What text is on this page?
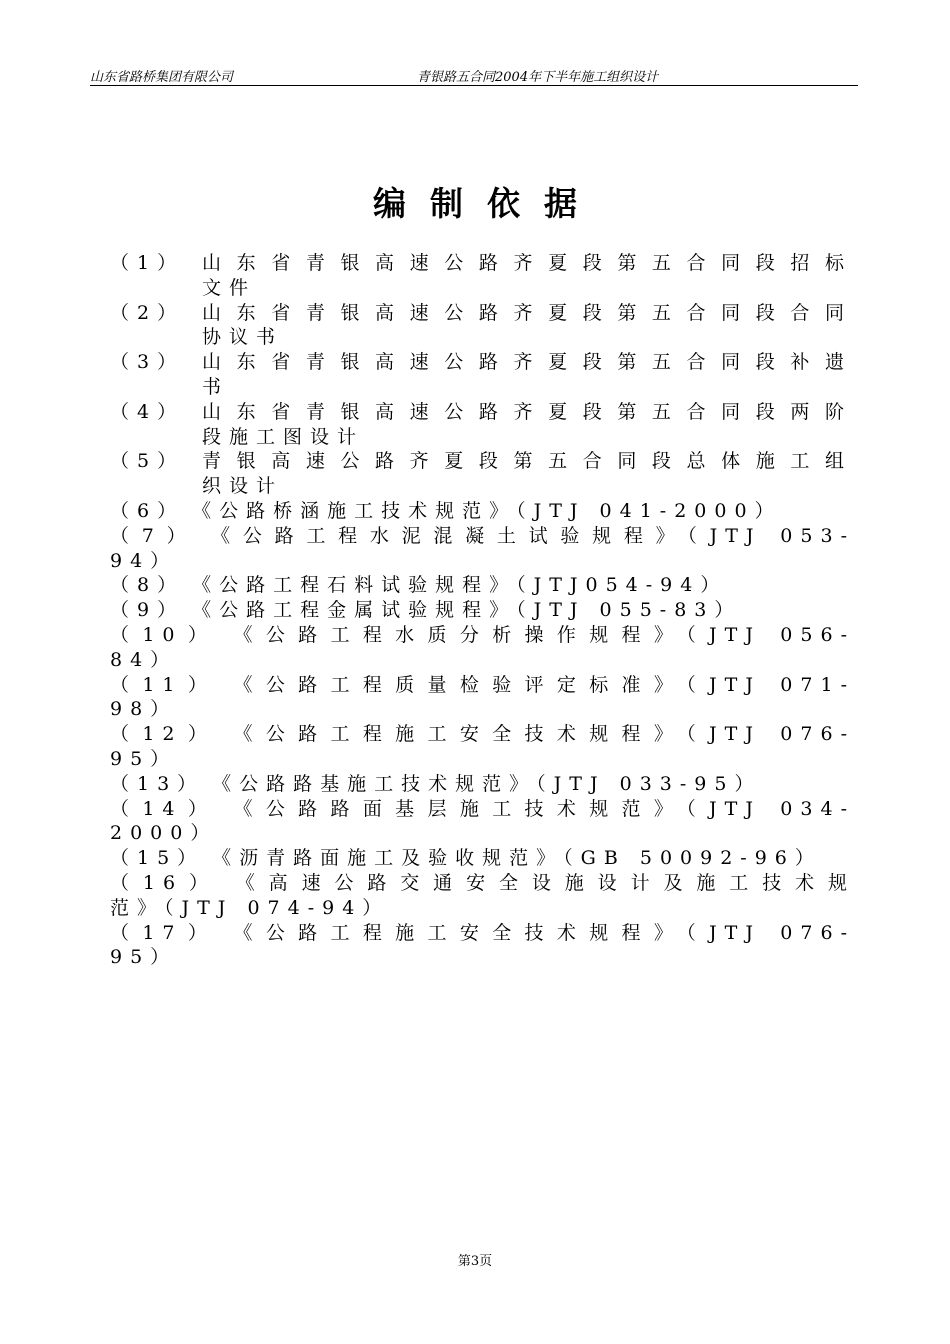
山东省路桥集团有限公司	青银路五合同2004年下半年施工组织设计
编制依据
（1） 山东省青银高速公路齐夏段第五合同段招标
文件
（2） 山东省青银高速公路齐夏段第五合同段合同
协议书
（3） 山东省青银高速公路齐夏段第五合同段补遗
书
（4） 山东省青银高速公路齐夏段第五合同段两阶
段施工图设计
（5） 青银高速公路齐夏段第五合同段总体施工组
织设计
（6）　《公路桥涵施工技术规范》（JTJ 041-2000）
（7）　《公路工程水泥混凝土试验规程》（JTJ 053-
94）
（8）　《公路工程石料试验规程》（JTJ054-94）
（9）　《公路工程金属试验规程》（JTJ 055-83）
（10）　《公路工程水质分析操作规程》（JTJ 056-
84）
（11）　《公路工程质量检验评定标准》（JTJ 071-
98）
（12）　《公路工程施工安全技术规程》（JTJ 076-
95）
（13）　《公路路基施工技术规范》（JTJ 033-95）
（14）　《公路路面基层施工技术规范》（JTJ 034-
2000）
（15）　《沥青路面施工及验收规范》（GB 50092-96）
（16）　《高速公路交通安全设施设计及施工技术规
范》（JTJ 074-94）
（17）　《公路工程施工安全技术规程》（JTJ 076-
95）
第3页
